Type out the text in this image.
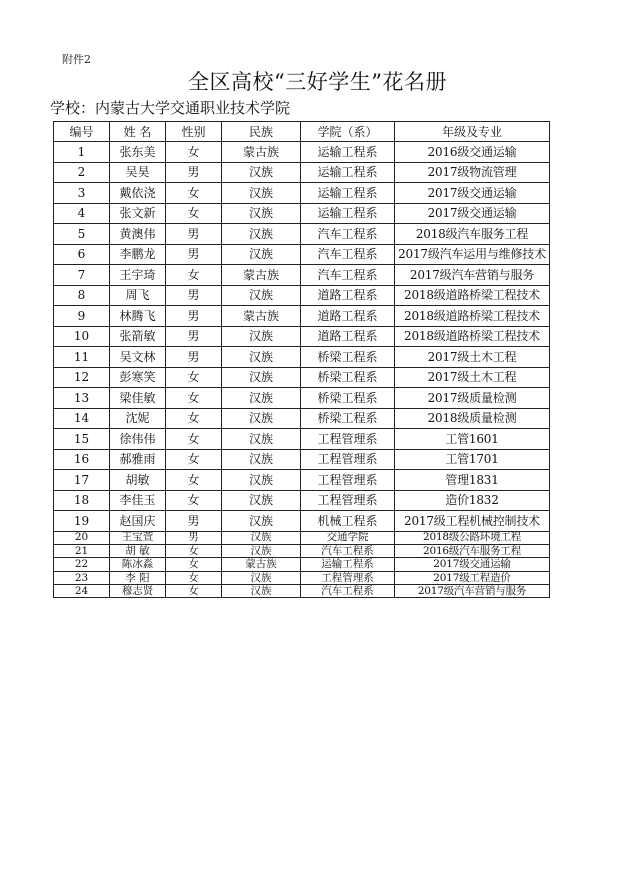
附件2
全区高校“三好学生”花名册
学校：内蒙古大学交通职业技术学院
编号	姓 名	性别	民族	学院（系）	年级及专业
1	张东美	女	蒙古族	运输工程系	2016级交通运输
2	吴昊	男	汉族	运输工程系	2017级物流管理
3	戴依浇	女	汉族	运输工程系	2017级交通运输
4	张文新	女	汉族	运输工程系	2017级交通运输
5	黄澳伟	男	汉族	汽车工程系	2018级汽车服务工程
6	李鹏龙	男	汉族	汽车工程系	2017级汽车运用与维修技术
7	王宇琦	女	蒙古族	汽车工程系	2017级汽车营销与服务
8	周飞	男	汉族	道路工程系	2018级道路桥梁工程技术
9	林腾飞	男	蒙古族	道路工程系	2018级道路桥梁工程技术
10	张箭敏	男	汉族	道路工程系	2018级道路桥梁工程技术
11	吴文林	男	汉族	桥梁工程系	2017级土木工程
12	彭寒笑	女	汉族	桥梁工程系	2017级土木工程
13	梁佳敏	女	汉族	桥梁工程系	2017级质量检测
14	沈妮	女	汉族	桥梁工程系	2018级质量检测
15	徐伟伟	女	汉族	工程管理系	工管1601
16	郝雅雨	女	汉族	工程管理系	工管1701
17	胡敏	女	汉族	工程管理系	管理1831
18	李佳玉	女	汉族	工程管理系	造价1832
19	赵国庆	男	汉族	机械工程系	2017级工程机械控制技术
20	王宝萱	男	汉族	交通学院	2018级公路环境工程
21	胡 敏	女	汉族	汽车工程系	2016级汽车服务工程
22	陈冰淼	女	蒙古族	运输工程系	2017级交通运输
23	李 阳	女	汉族	工程管理系	2017级工程造价
24	穆志贤	女	汉族	汽车工程系	2017级汽车营销与服务
